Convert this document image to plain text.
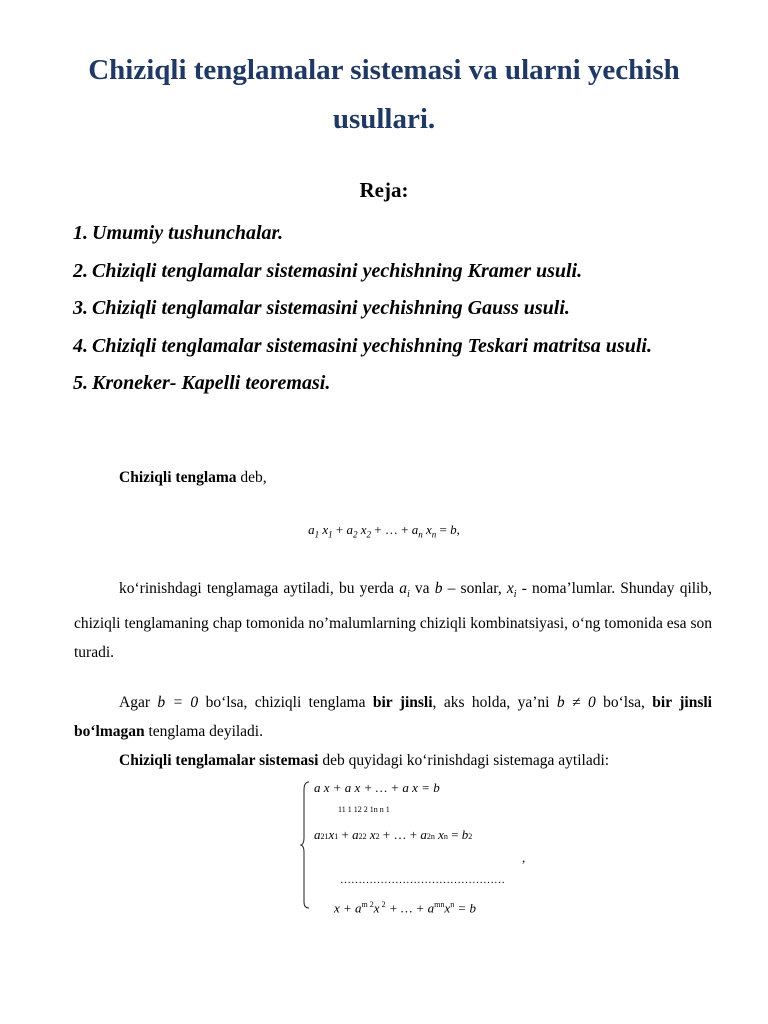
Chiziqli tenglamalar sistemasi va ularni yechish usullari.
Reja:
1. Umumiy tushunchalar.
2. Chiziqli tenglamalar sistemasini yechishning Kramer usuli.
3. Chiziqli tenglamalar sistemasini yechishning Gauss usuli.
4. Chiziqli tenglamalar sistemasini yechishning Teskari matritsa usuli.
5. Kroneker- Kapelli teoremasi.
Chiziqli tenglama deb,
$a_1$ $x_1 + a_2$ $x_2$ + … + $a_n$ $x_n = b$,
ko‘rinishdagi tenglamaga aytiladi, bu yerda $a_i$ va b – sonlar, $x_i$ - noma’lumlar. Shunday qilib, chiziqli tenglamaning chap tomonida no’malumlarning chiziqli kombinatsiyasi, o‘ng tomonida esa son turadi.
Agar b = 0 bo‘lsa, chiziqli tenglama bir jinsli, aks holda, ya’ni b ≠ 0 bo‘lsa, bir jinsli bo‘lmagan tenglama deyiladi.
Chiziqli tenglamalar sistemasi deb quyidagi ko‘rinishdagi sistemaga aytiladi:
a x + a x + … + a x = b
11 1 12 2 1n n 1
a21x1 + a22 x2 + … + a2n xn = b2
,
………………………………………
$x + a^{m 2}x$ $^2$ + … + $a^{mn}x^n = b$
